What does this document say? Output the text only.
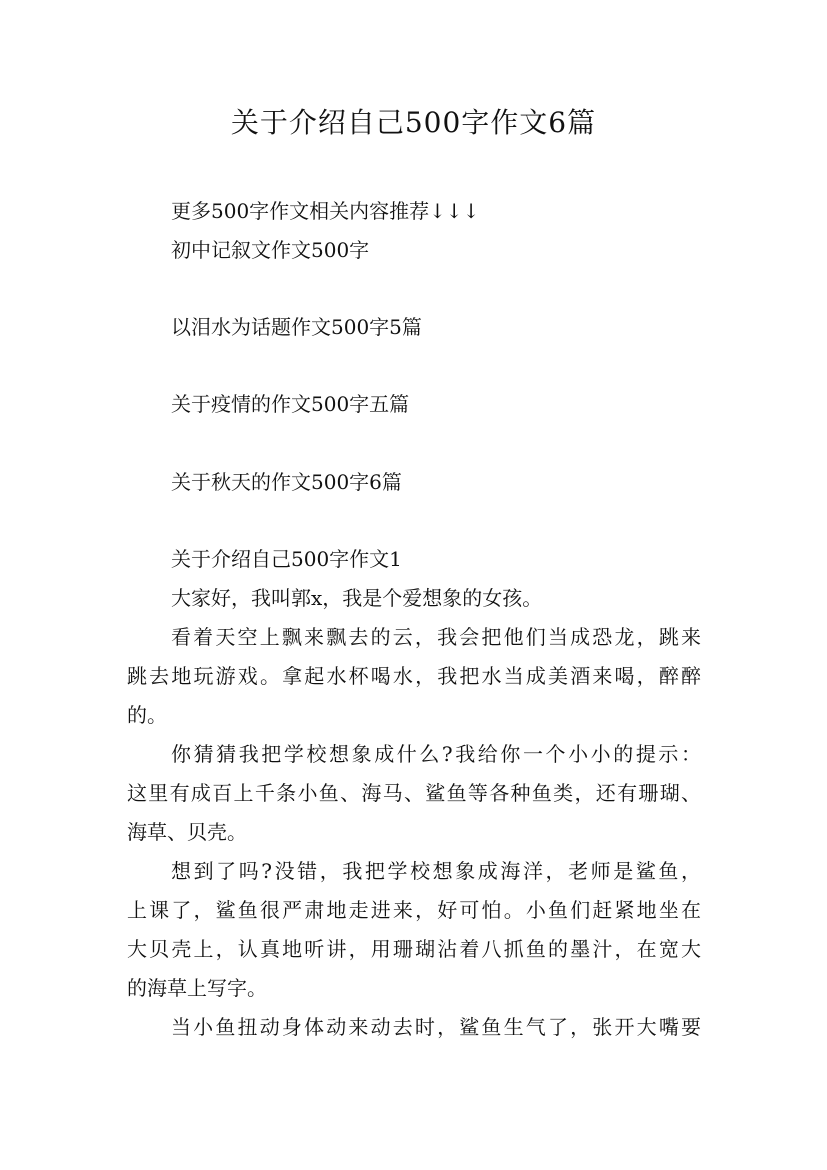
关于介绍自己500字作文6篇
更多500字作文相关内容推荐↓↓↓
初中记叙文作文500字
以泪水为话题作文500字5篇
关于疫情的作文500字五篇
关于秋天的作文500字6篇
关于介绍自己500字作文1
大家好，我叫郭x，我是个爱想象的女孩。
看着天空上飘来飘去的云，我会把他们当成恐龙，跳来
跳去地玩游戏。拿起水杯喝水，我把水当成美酒来喝，醉醉
的。
你猜猜我把学校想象成什么?我给你一个小小的提示：
这里有成百上千条小鱼、海马、鲨鱼等各种鱼类，还有珊瑚、
海草、贝壳。
想到了吗?没错，我把学校想象成海洋，老师是鲨鱼，
上课了，鲨鱼很严肃地走进来，好可怕。小鱼们赶紧地坐在
大贝壳上，认真地听讲，用珊瑚沾着八抓鱼的墨汁，在宽大
的海草上写字。
当小鱼扭动身体动来动去时，鲨鱼生气了，张开大嘴要
